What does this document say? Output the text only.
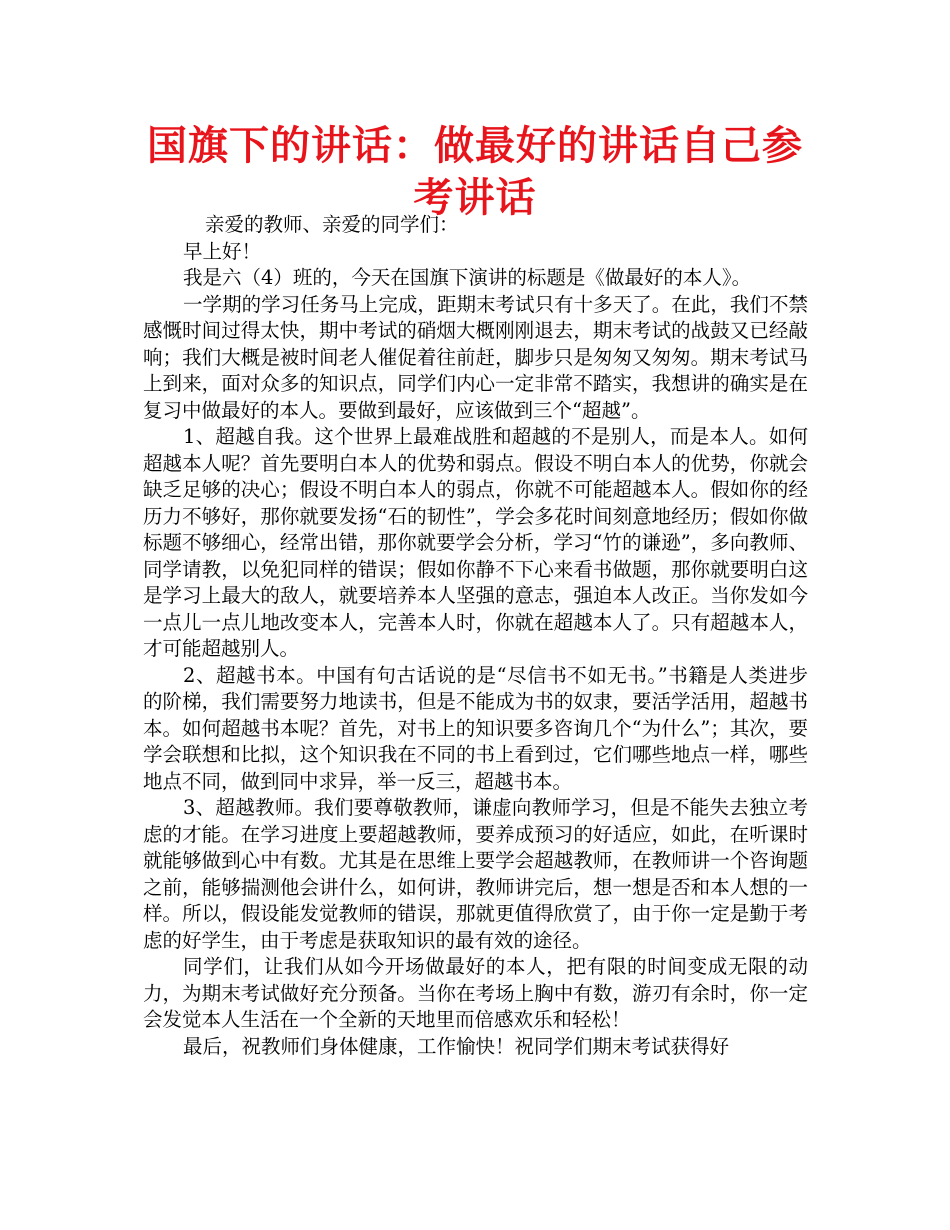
国旗下的讲话：做最好的讲话自己参考讲话

亲爱的教师、亲爱的同学们：

早上好！

我是六（4）班的，今天在国旗下演讲的标题是《做最好的本人》。

一学期的学习任务马上完成，距期末考试只有十多天了。在此，我们不禁感慨时间过得太快，期中考试的硝烟大概刚刚退去，期末考试的战鼓又已经敲响；我们大概是被时间老人催促着往前赶，脚步只是匆匆又匆匆。期末考试马上到来，面对众多的知识点，同学们内心一定非常不踏实，我想讲的确实是在复习中做最好的本人。要做到最好，应该做到三个“超越”。

1、超越自我。这个世界上最难战胜和超越的不是别人，而是本人。如何超越本人呢？首先要明白本人的优势和弱点。假设不明白本人的优势，你就会缺乏足够的决心；假设不明白本人的弱点，你就不可能超越本人。假如你的经历力不够好，那你就要发扬“石的韧性”，学会多花时间刻意地经历；假如你做标题不够细心，经常出错，那你就要学会分析，学习“竹的谦逊”，多向教师、同学请教，以免犯同样的错误；假如你静不下心来看书做题，那你就要明白这是学习上最大的敌人，就要培养本人坚强的意志，强迫本人改正。当你发如今一点儿一点儿地改变本人，完善本人时，你就在超越本人了。只有超越本人，才可能超越别人。

2、超越书本。中国有句古话说的是“尽信书不如无书。”书籍是人类进步的阶梯，我们需要努力地读书，但是不能成为书的奴隶，要活学活用，超越书本。如何超越书本呢？首先，对书上的知识要多咨询几个“为什么”；其次，要学会联想和比拟，这个知识我在不同的书上看到过，它们哪些地点一样，哪些地点不同，做到同中求异，举一反三，超越书本。

3、超越教师。我们要尊敬教师，谦虚向教师学习，但是不能失去独立考虑的才能。在学习进度上要超越教师，要养成预习的好适应，如此，在听课时就能够做到心中有数。尤其是在思维上要学会超越教师，在教师讲一个咨询题之前，能够揣测他会讲什么，如何讲，教师讲完后，想一想是否和本人想的一样。所以，假设能发觉教师的错误，那就更值得欣赏了，由于你一定是勤于考虑的好学生，由于考虑是获取知识的最有效的途径。

同学们，让我们从如今开场做最好的本人，把有限的时间变成无限的动力，为期末考试做好充分预备。当你在考场上胸中有数，游刃有余时，你一定会发觉本人生活在一个全新的天地里而倍感欢乐和轻松！

最后，祝教师们身体健康，工作愉快！祝同学们期末考试获得好
